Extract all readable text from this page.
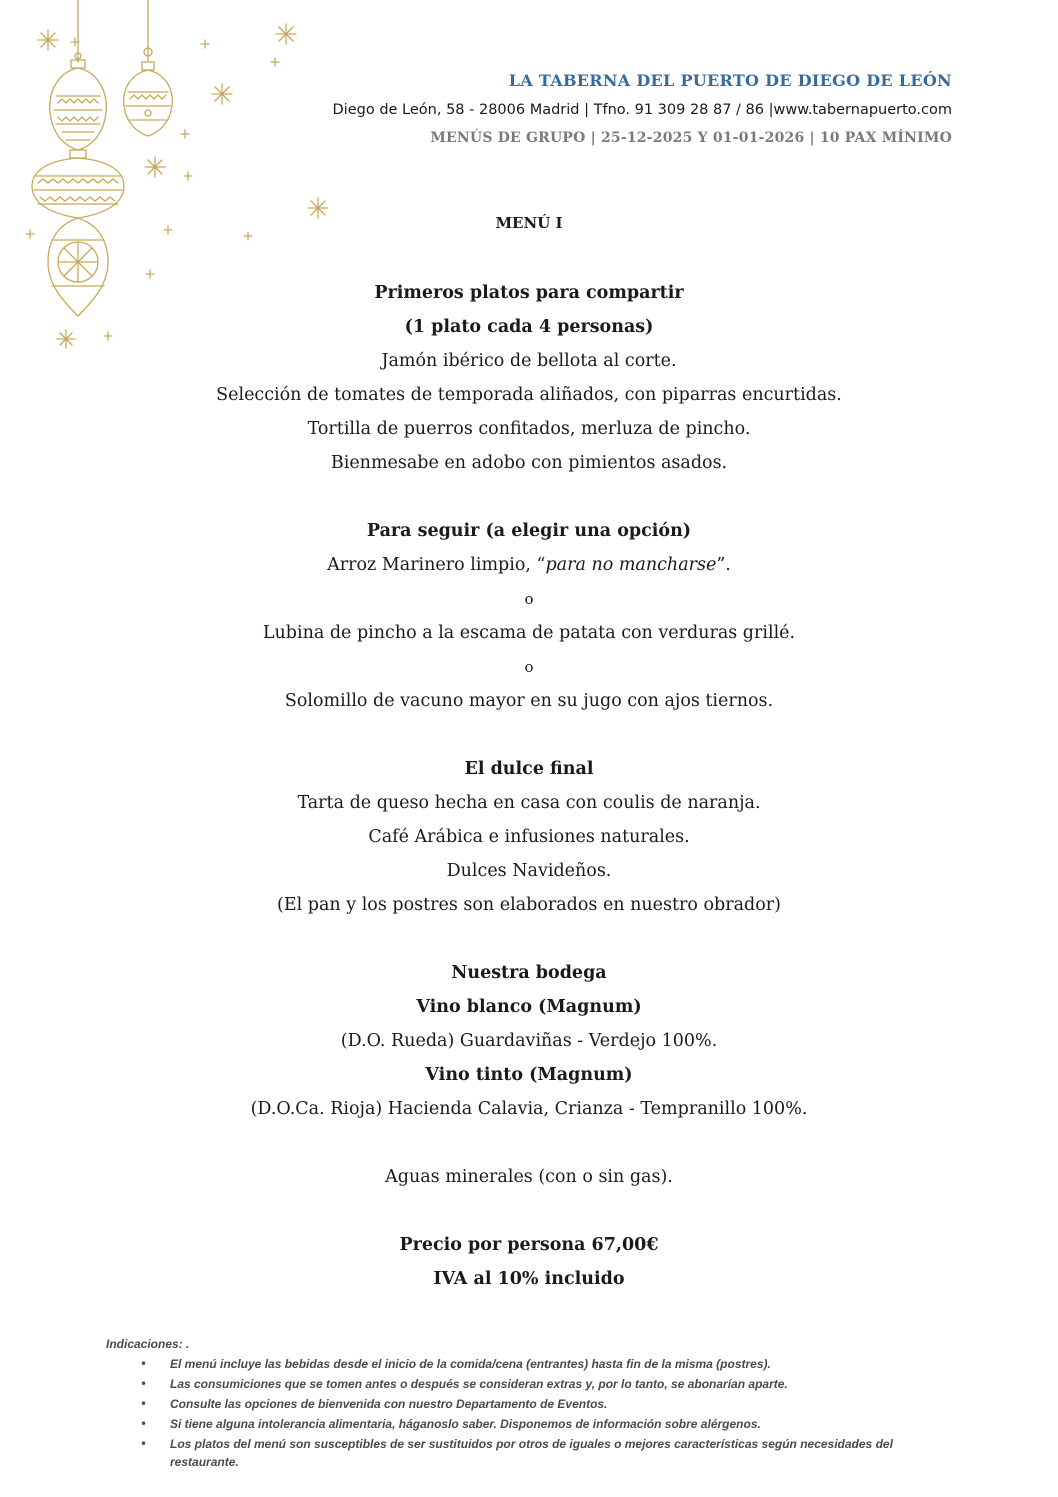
LA TABERNA DEL PUERTO DE DIEGO DE LEÓN
Diego de León, 58 - 28006 Madrid | Tfno. 91 309 28 87 / 86 |www.tabernapuerto.com
MENÚS DE GRUPO | 25-12-2025 Y 01-01-2026 | 10 PAX MÍNIMO
MENÚ I
Primeros platos para compartir
(1 plato cada 4 personas)
Jamón ibérico de bellota al corte.
Selección de tomates de temporada aliñados, con piparras encurtidas.
Tortilla de puerros confitados, merluza de pincho.
Bienmesabe en adobo con pimientos asados.
Para seguir (a elegir una opción)
Arroz Marinero limpio, “para no mancharse”.
o
Lubina de pincho a la escama de patata con verduras grillé.
o
Solomillo de vacuno mayor en su jugo con ajos tiernos.
El dulce final
Tarta de queso hecha en casa con coulis de naranja.
Café Arábica e infusiones naturales.
Dulces Navideños.
(El pan y los postres son elaborados en nuestro obrador)
Nuestra bodega
Vino blanco (Magnum)
(D.O. Rueda) Guardaviñas - Verdejo 100%.
Vino tinto (Magnum)
(D.O.Ca. Rioja) Hacienda Calavia, Crianza - Tempranillo 100%.
Aguas minerales (con o sin gas).
Precio por persona 67,00€
IVA al 10% incluido
Indicaciones: .
• El menú incluye las bebidas desde el inicio de la comida/cena (entrantes) hasta fin de la misma (postres).
• Las consumiciones que se tomen antes o después se consideran extras y, por lo tanto, se abonarían aparte.
• Consulte las opciones de bienvenida con nuestro Departamento de Eventos.
• Si tiene alguna intolerancia alimentaria, háganoslo saber. Disponemos de información sobre alérgenos.
• Los platos del menú son susceptibles de ser sustituidos por otros de iguales o mejores características según necesidades del restaurante.
